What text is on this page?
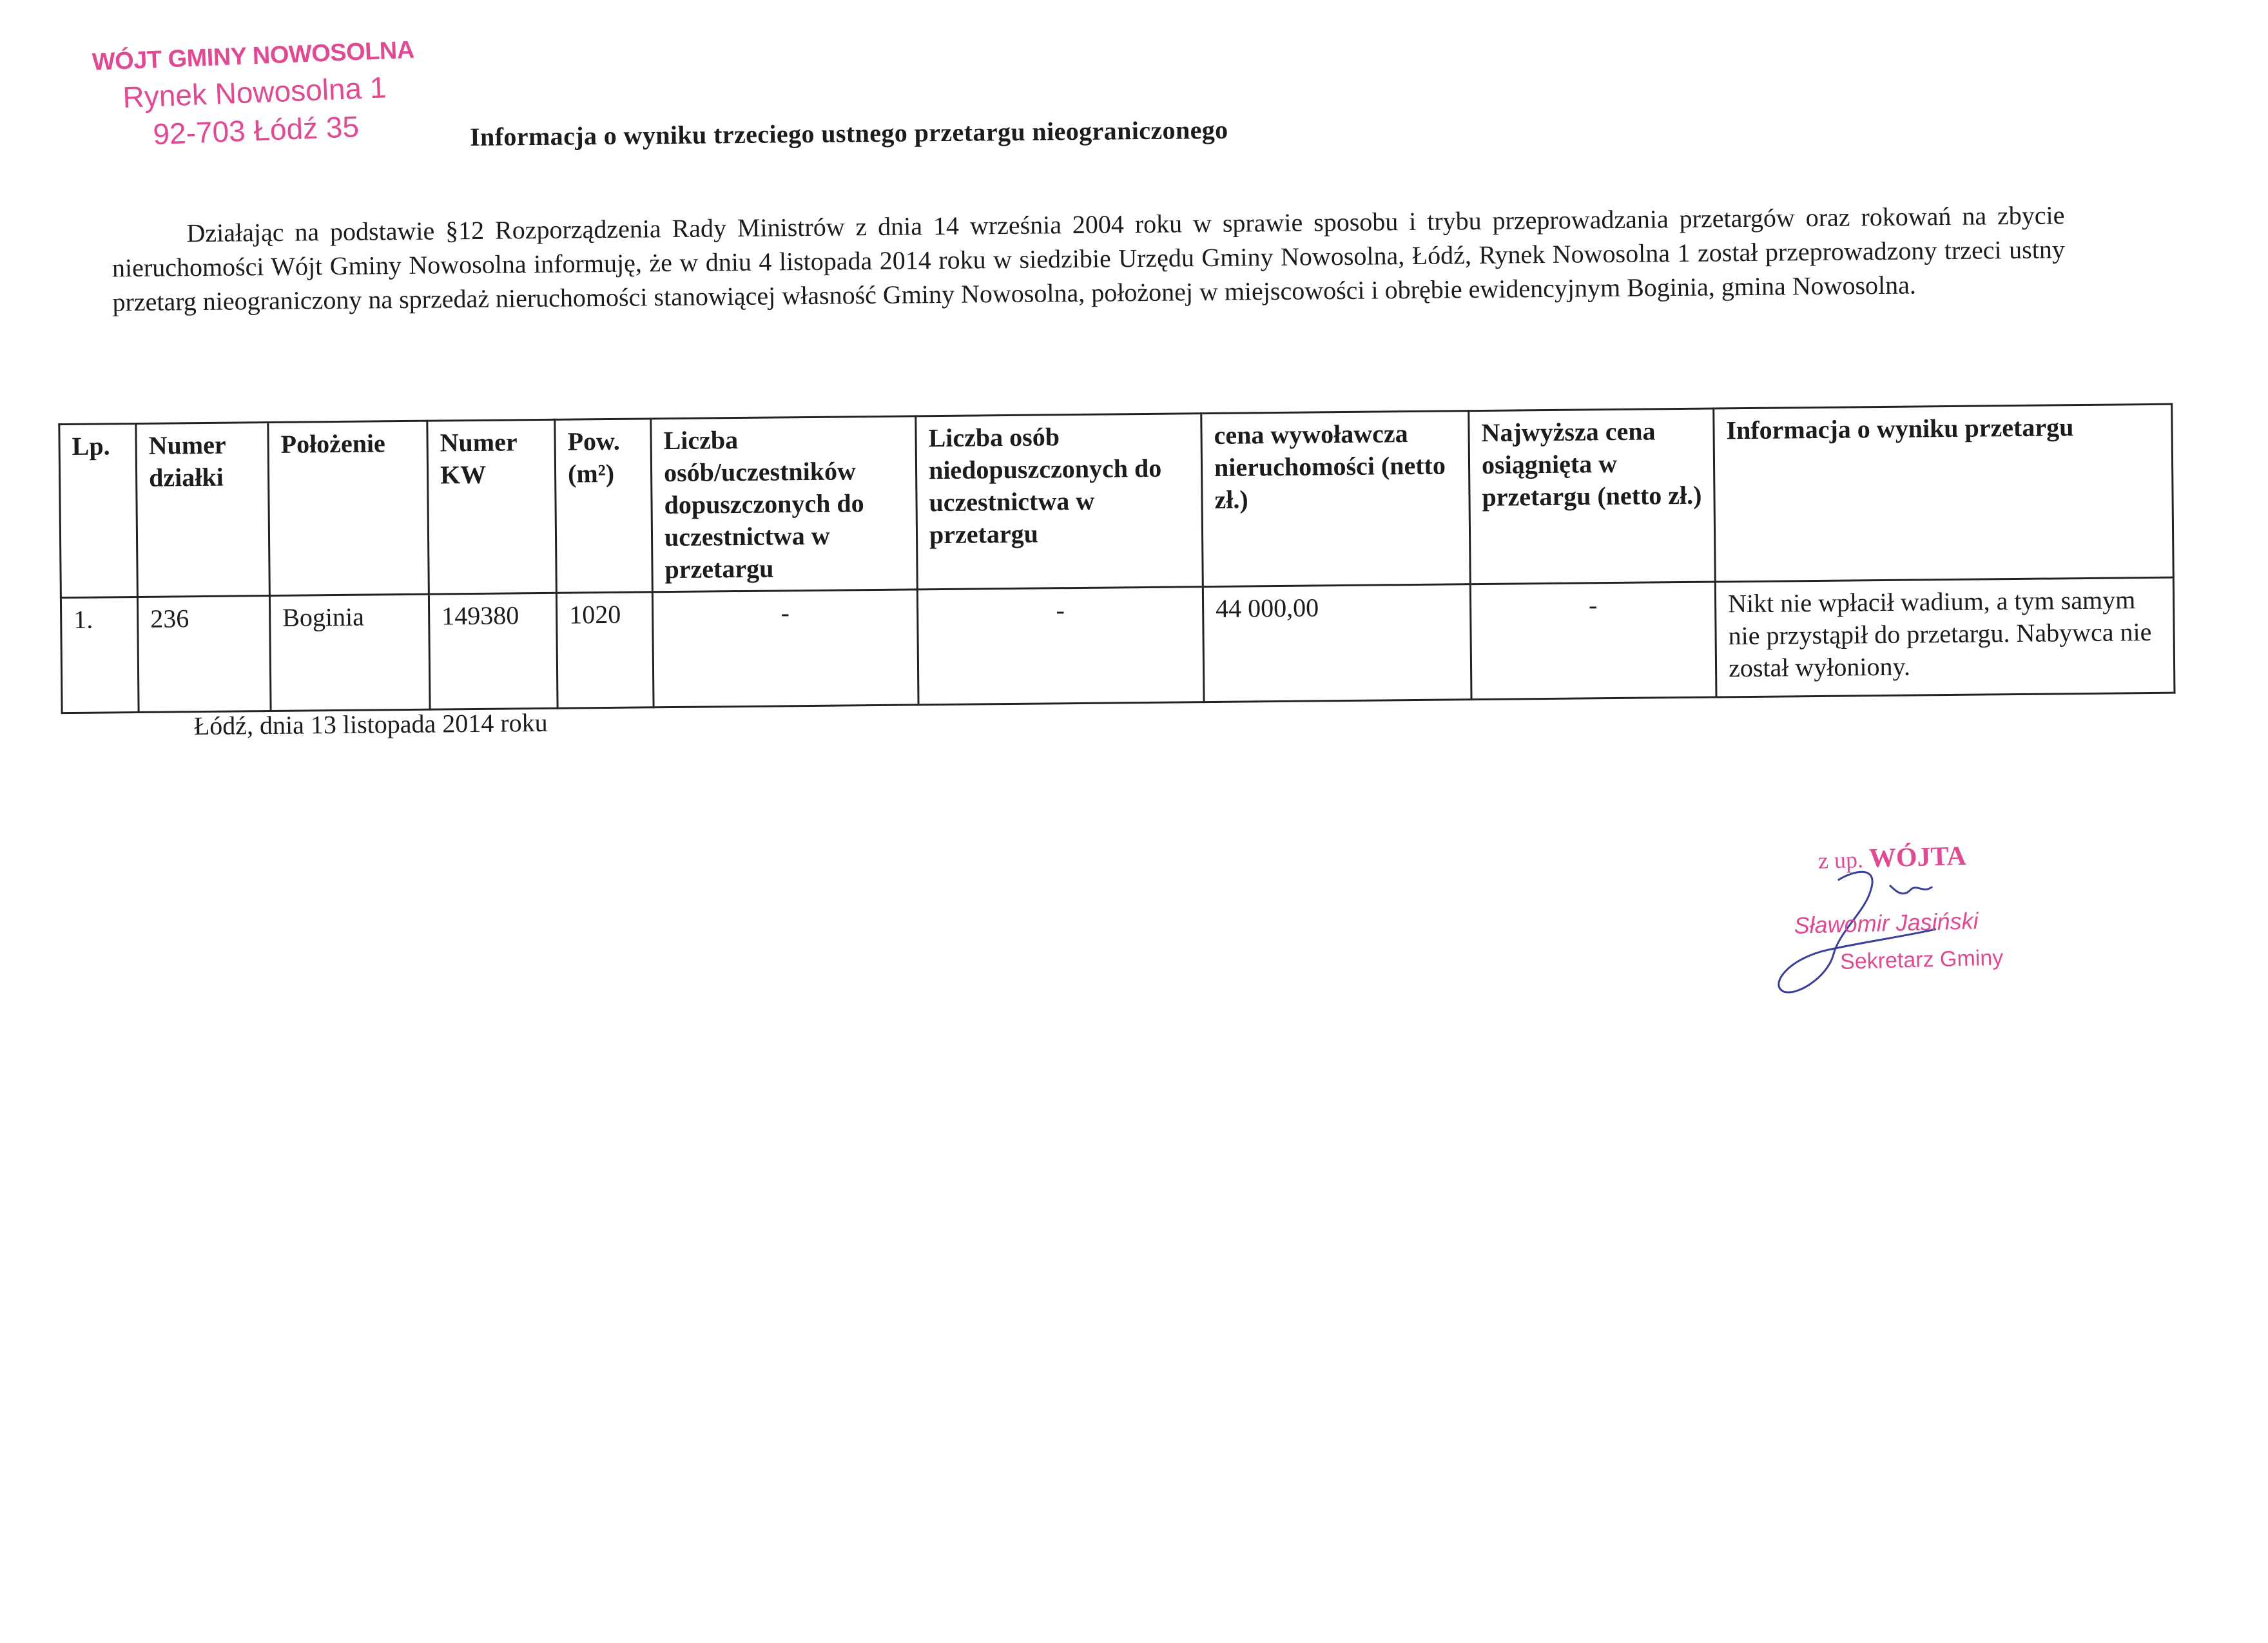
WÓJT GMINY NOWOSOLNA
Rynek Nowosolna 1
92-703 Łódź 35	Informacja o wyniku trzeciego ustnego przetargu nieograniczonego

Działając na podstawie §12 Rozporządzenia Rady Ministrów z dnia 14 września 2004 roku w sprawie sposobu i trybu przeprowadzania przetargów oraz rokowań na zbycie nieruchomości Wójt Gminy Nowosolna informuję, że w dniu 4 listopada 2014 roku w siedzibie Urzędu Gminy Nowosolna, Łódź, Rynek Nowosolna 1 został przeprowadzony trzeci ustny przetarg nieograniczony na sprzedaż nieruchomości stanowiącej własność Gminy Nowosolna, położonej w miejscowości i obrębie ewidencyjnym Boginia, gmina Nowosolna.

Lp.	Numer działki	Położenie	Numer KW	Pow. (m²)	Liczba osób/uczestników dopuszczonych do uczestnictwa w przetargu	Liczba osób niedopuszczonych do uczestnictwa w przetargu	cena wywoławcza nieruchomości (netto zł.)	Najwyższa cena osiągnięta w przetargu (netto zł.)	Informacja o wyniku przetargu
1.	236	Boginia	149380	1020	-	-	44 000,00	-	Nikt nie wpłacił wadium, a tym samym nie przystąpił do przetargu. Nabywca nie został wyłoniony.
Łódź, dnia 13 listopada 2014 roku
z up. WÓJTA
Sławomir Jasiński
Sekretarz Gminy
